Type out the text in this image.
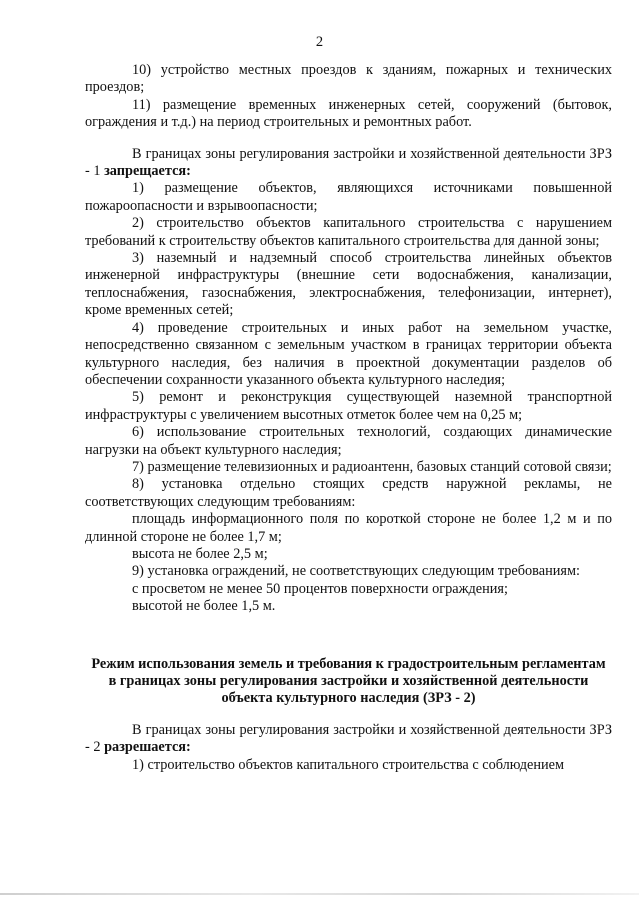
2

10) устройство местных проездов к зданиям, пожарных и технических проездов;

11) размещение временных инженерных сетей, сооружений (бытовок, ограждения и т.д.) на период строительных и ремонтных работ.

В границах зоны регулирования застройки и хозяйственной деятельности ЗРЗ - 1 запрещается:

1) размещение объектов, являющихся источниками повышенной пожароопасности и взрывоопасности;

2) строительство объектов капитального строительства с нарушением требований к строительству объектов капитального строительства для данной зоны;

3) наземный и надземный способ строительства линейных объектов инженерной инфраструктуры (внешние сети водоснабжения, канализации, теплоснабжения, газоснабжения, электроснабжения, телефонизации, интернет), кроме временных сетей;

4) проведение строительных и иных работ на земельном участке, непосредственно связанном с земельным участком в границах территории объекта культурного наследия, без наличия в проектной документации разделов об обеспечении сохранности указанного объекта культурного наследия;

5) ремонт и реконструкция существующей наземной транспортной инфраструктуры с увеличением высотных отметок более чем на 0,25 м;

6) использование строительных технологий, создающих динамические нагрузки на объект культурного наследия;

7) размещение телевизионных и радиоантенн, базовых станций сотовой связи;

8) установка отдельно стоящих средств наружной рекламы, не соответствующих следующим требованиям:

площадь информационного поля по короткой стороне не более 1,2 м и по длинной стороне не более 1,7 м;

высота не более 2,5 м;

9) установка ограждений, не соответствующих следующим требованиям:

с просветом не менее 50 процентов поверхности ограждения;

высотой не более 1,5 м.

Режим использования земель и требования к градостроительным регламентам в границах зоны регулирования застройки и хозяйственной деятельности объекта культурного наследия (ЗРЗ - 2)

В границах зоны регулирования застройки и хозяйственной деятельности ЗРЗ - 2 разрешается:

1) строительство объектов капитального строительства с соблюдением
